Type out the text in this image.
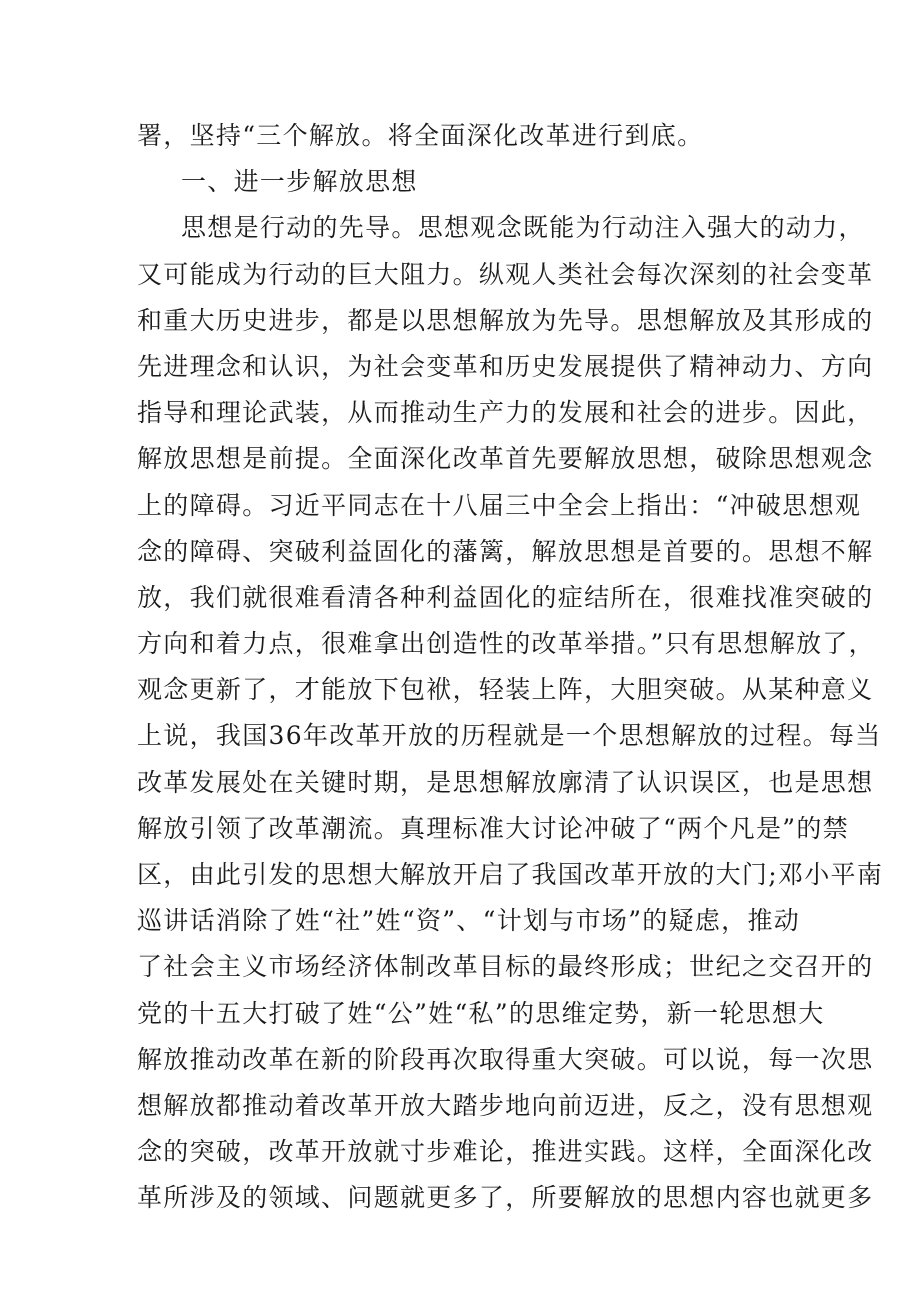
署，坚持“三个解放。将全面深化改革进行到底。
一、进一步解放思想
思想是行动的先导。思想观念既能为行动注入强大的动力，
又可能成为行动的巨大阻力。纵观人类社会每次深刻的社会变革
和重大历史进步，都是以思想解放为先导。思想解放及其形成的
先进理念和认识，为社会变革和历史发展提供了精神动力、方向
指导和理论武装，从而推动生产力的发展和社会的进步。因此，
解放思想是前提。全面深化改革首先要解放思想，破除思想观念
上的障碍。习近平同志在十八届三中全会上指出：“冲破思想观
念的障碍、突破利益固化的藩篱，解放思想是首要的。思想不解
放，我们就很难看清各种利益固化的症结所在，很难找准突破的
方向和着力点，很难拿出创造性的改革举措。”只有思想解放了，
观念更新了，才能放下包袱，轻装上阵，大胆突破。从某种意义
上说，我国36年改革开放的历程就是一个思想解放的过程。每当
改革发展处在关键时期，是思想解放廓清了认识误区，也是思想
解放引领了改革潮流。真理标准大讨论冲破了“两个凡是”的禁
区，由此引发的思想大解放开启了我国改革开放的大门;邓小平南
巡讲话消除了姓“社”姓“资”、“计划与市场”的疑虑，推动
了社会主义市场经济体制改革目标的最终形成；世纪之交召开的
党的十五大打破了姓“公”姓“私”的思维定势，新一轮思想大
解放推动改革在新的阶段再次取得重大突破。可以说，每一次思
想解放都推动着改革开放大踏步地向前迈进，反之，没有思想观
念的突破，改革开放就寸步难论，推进实践。这样，全面深化改
革所涉及的领域、问题就更多了，所要解放的思想内容也就更多
